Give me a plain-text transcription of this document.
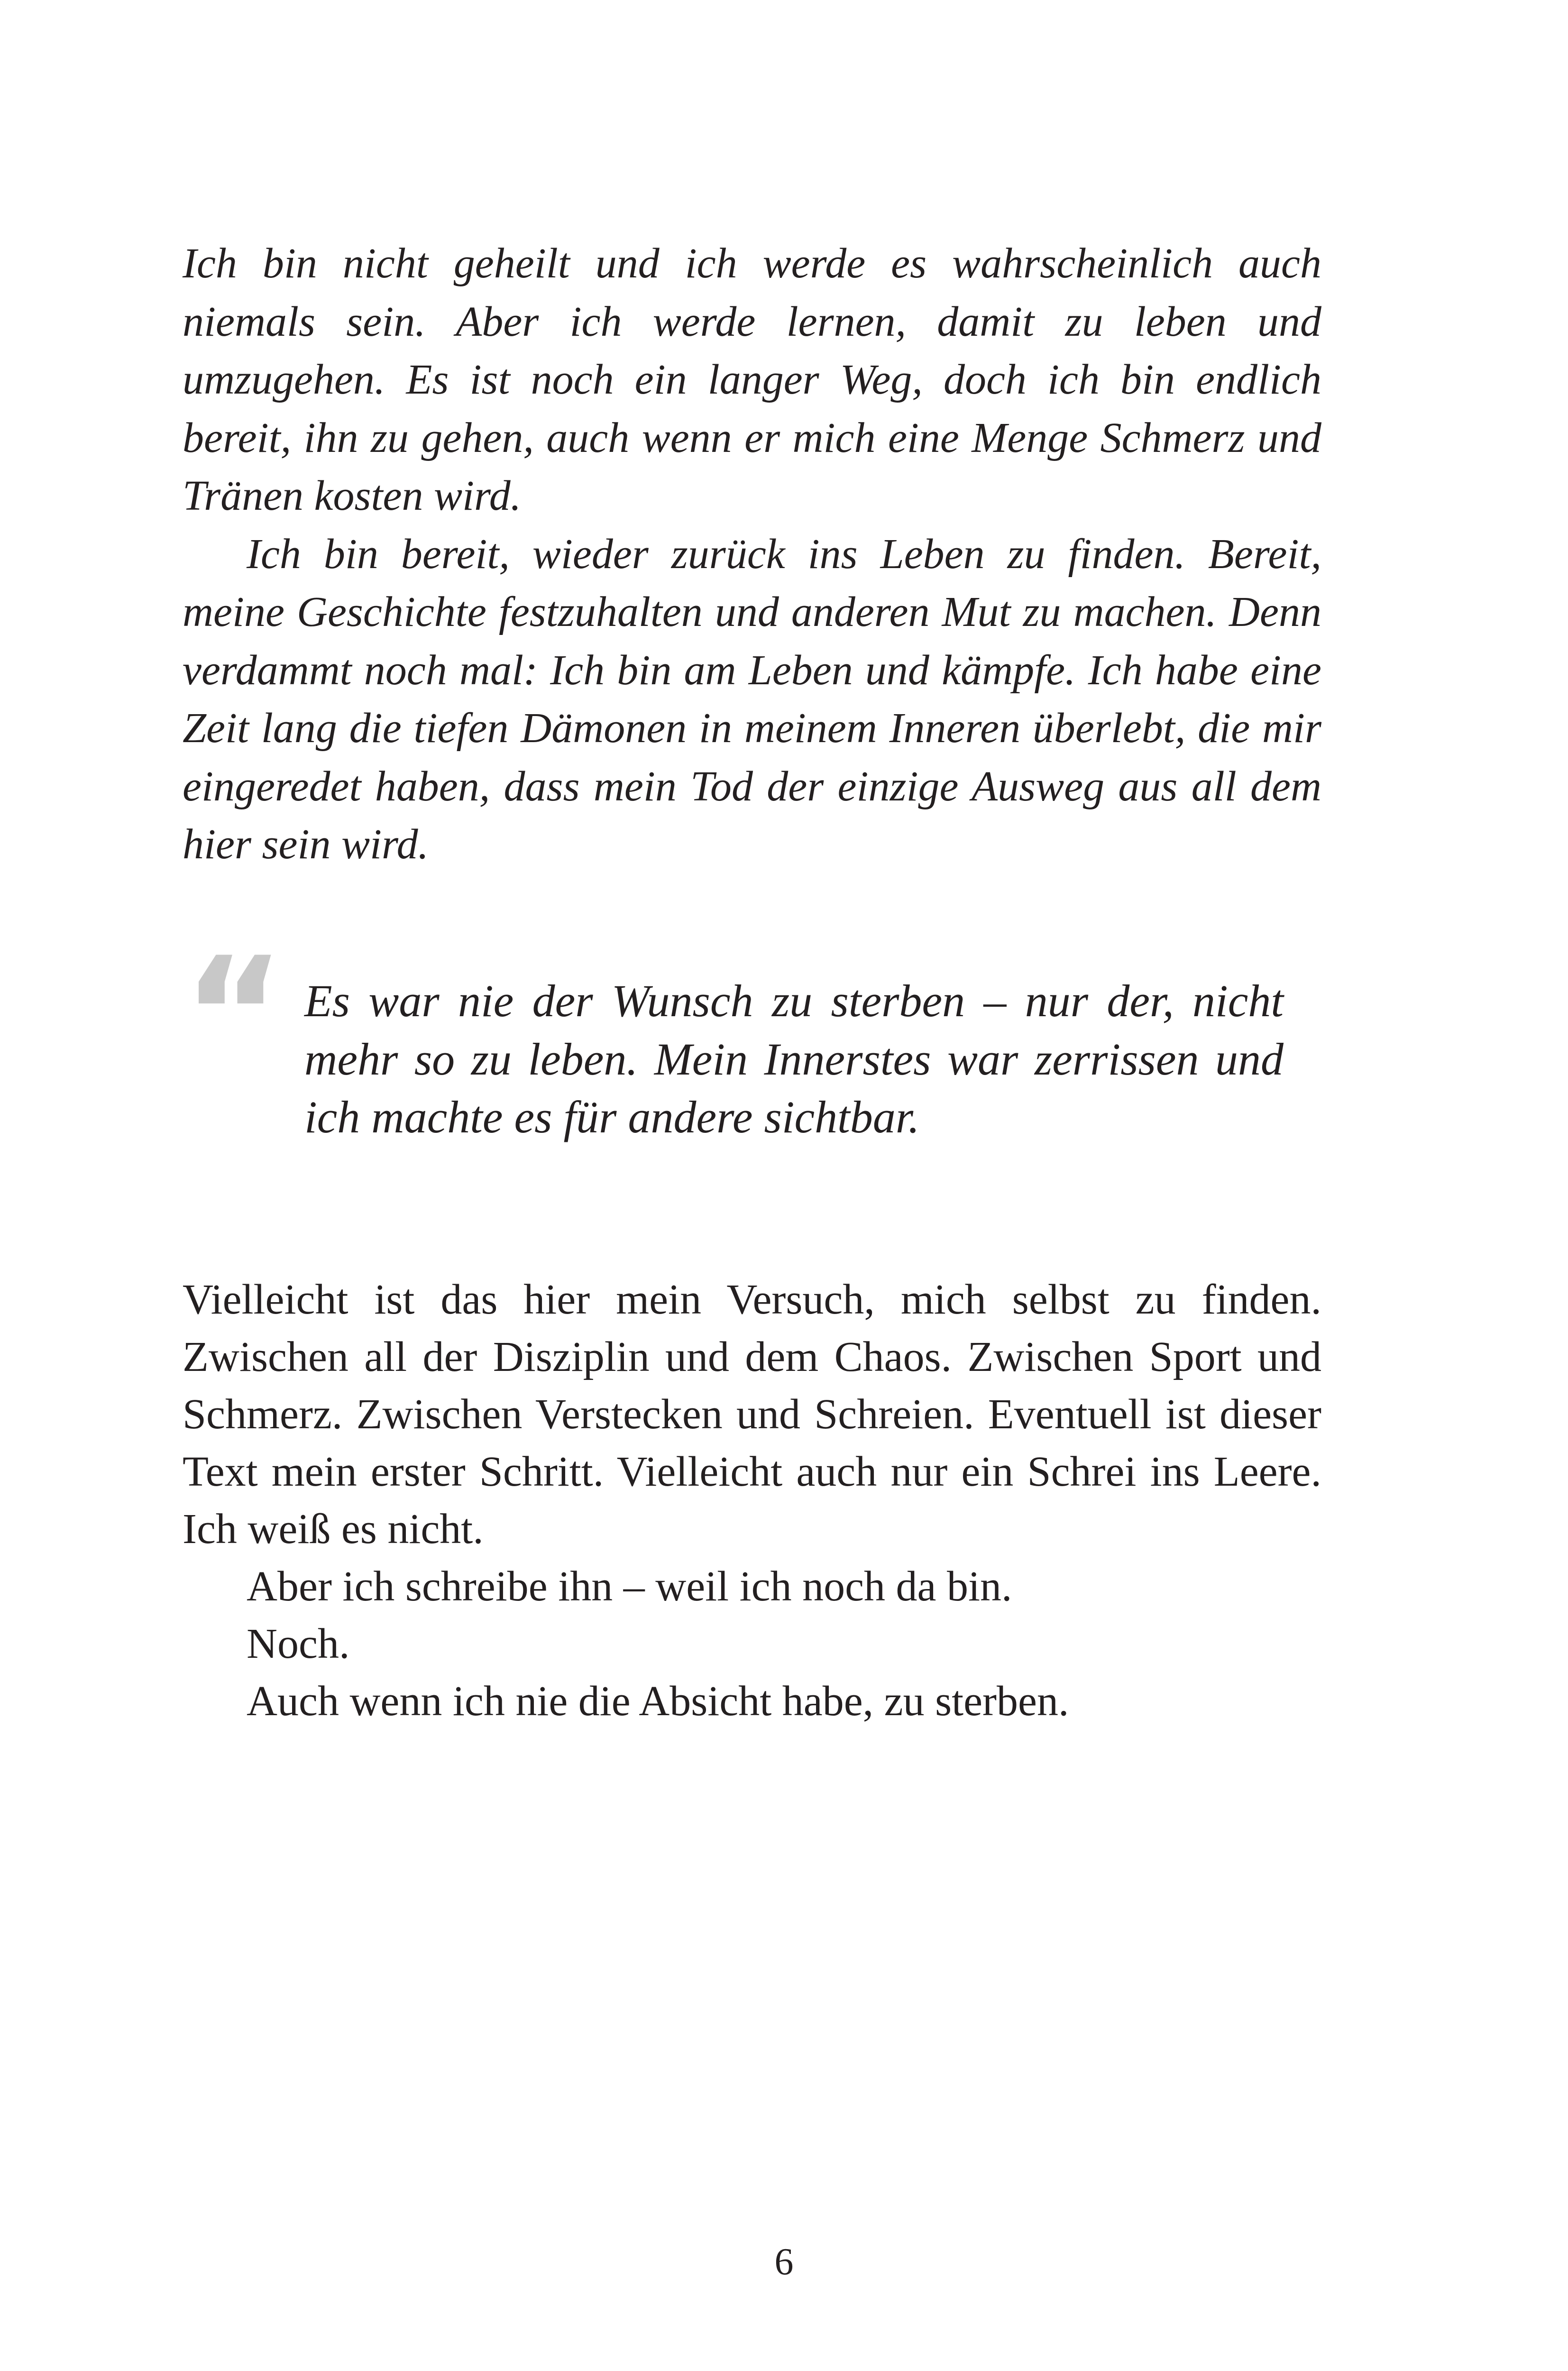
Ich bin nicht geheilt und ich werde es wahrscheinlich auch niemals sein. Aber ich werde lernen, damit zu leben und umzugehen. Es ist noch ein langer Weg, doch ich bin endlich bereit, ihn zu gehen, auch wenn er mich eine Menge Schmerz und Tränen kosten wird.

Ich bin bereit, wieder zurück ins Leben zu finden. Bereit, meine Geschichte festzuhalten und anderen Mut zu machen. Denn verdammt noch mal: Ich bin am Leben und kämpfe. Ich habe eine Zeit lang die tiefen Dämonen in meinem Inneren überlebt, die mir eingeredet haben, dass mein Tod der einzige Ausweg aus all dem hier sein wird.

“ Es war nie der Wunsch zu sterben – nur der, nicht mehr so zu leben. Mein Innerstes war zerrissen und ich machte es für andere sichtbar.

Vielleicht ist das hier mein Versuch, mich selbst zu finden. Zwischen all der Disziplin und dem Chaos. Zwischen Sport und Schmerz. Zwischen Verstecken und Schreien. Eventuell ist dieser Text mein erster Schritt. Vielleicht auch nur ein Schrei ins Leere. Ich weiß es nicht.

Aber ich schreibe ihn – weil ich noch da bin.

Noch.

Auch wenn ich nie die Absicht habe, zu sterben.

6
